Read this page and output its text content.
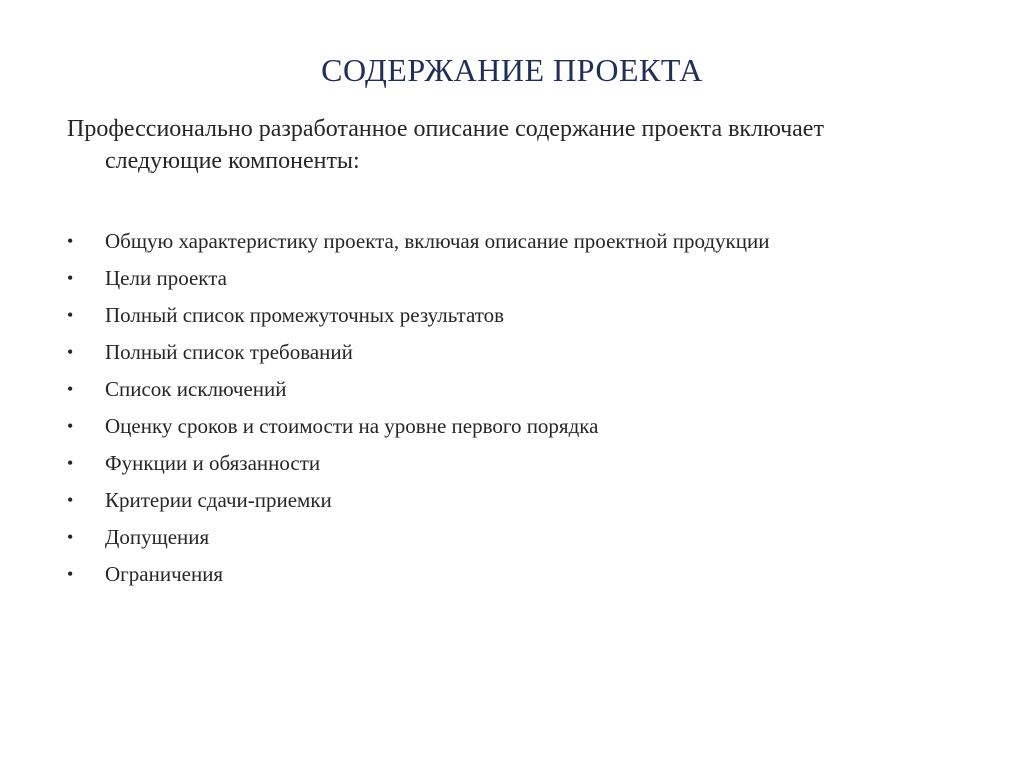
СОДЕРЖАНИЕ ПРОЕКТА
Профессионально разработанное описание содержание проекта включает
следующие компоненты:
•	Общую характеристику проекта, включая описание проектной продукции
•	Цели проекта
•	Полный список промежуточных результатов
•	Полный список требований
•	Список исключений
•	Оценку сроков и стоимости на уровне первого порядка
•	Функции и обязанности
•	Критерии сдачи-приемки
•	Допущения
•	Ограничения
